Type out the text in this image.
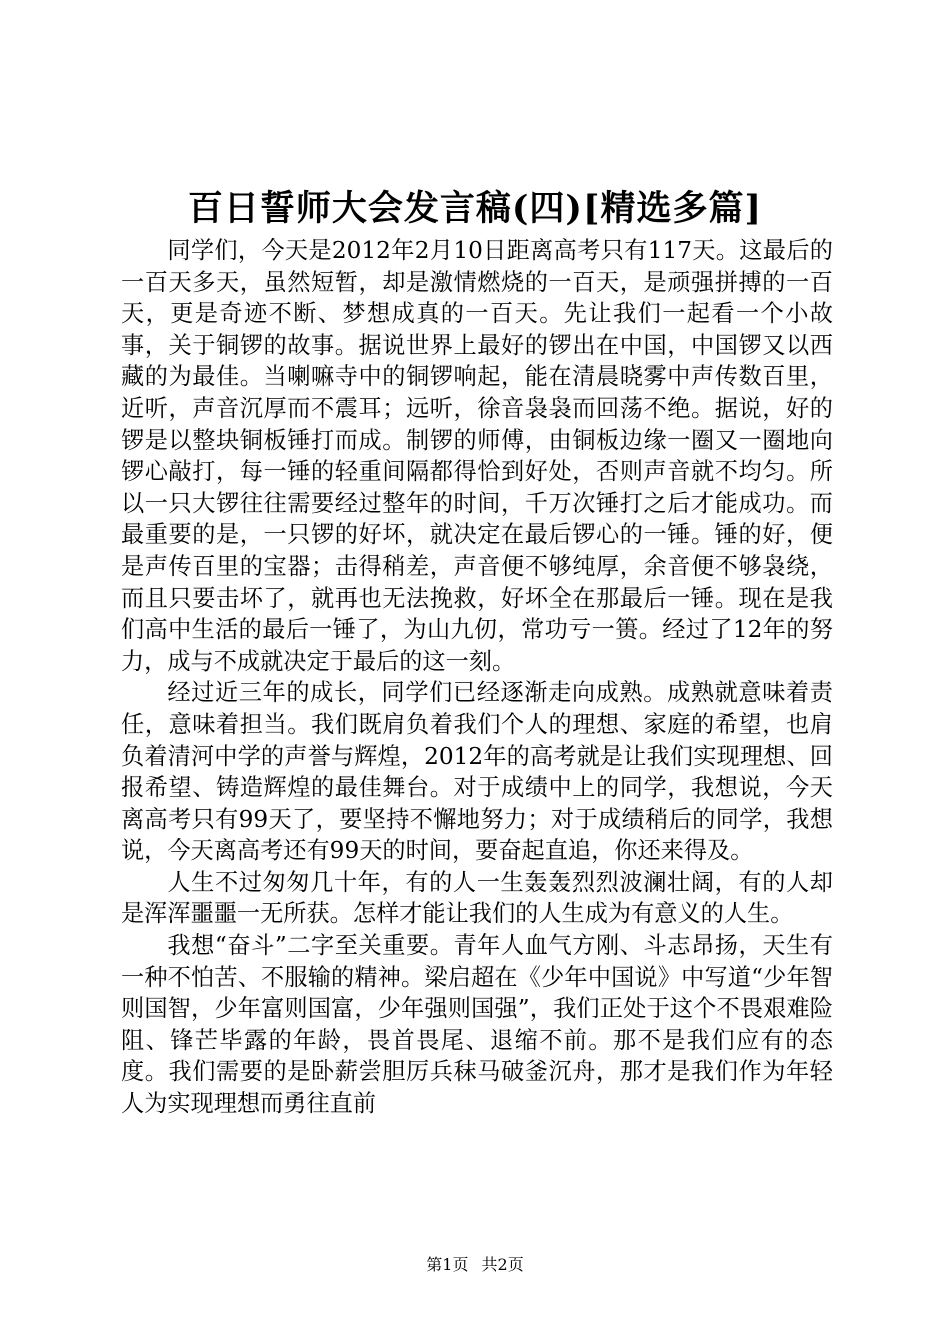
百日誓师大会发言稿(四)[精选多篇]

同学们，今天是2012年2月10日距离高考只有117天。这最后的一百天多天，虽然短暂，却是激情燃烧的一百天，是顽强拼搏的一百天，更是奇迹不断、梦想成真的一百天。先让我们一起看一个小故事，关于铜锣的故事。据说世界上最好的锣出在中国，中国锣又以西藏的为最佳。当喇嘛寺中的铜锣响起，能在清晨晓雾中声传数百里，近听，声音沉厚而不震耳；远听，徐音袅袅而回荡不绝。据说，好的锣是以整块铜板锤打而成。制锣的师傅，由铜板边缘一圈又一圈地向锣心敲打，每一锤的轻重间隔都得恰到好处，否则声音就不均匀。所以一只大锣往往需要经过整年的时间，千万次锤打之后才能成功。而最重要的是，一只锣的好坏，就决定在最后锣心的一锤。锤的好，便是声传百里的宝器；击得稍差，声音便不够纯厚，余音便不够袅绕，而且只要击坏了，就再也无法挽救，好坏全在那最后一锤。现在是我们高中生活的最后一锤了，为山九仞，常功亏一篑。经过了12年的努力，成与不成就决定于最后的这一刻。

经过近三年的成长，同学们已经逐渐走向成熟。成熟就意味着责任，意味着担当。我们既肩负着我们个人的理想、家庭的希望，也肩负着清河中学的声誉与辉煌，2012年的高考就是让我们实现理想、回报希望、铸造辉煌的最佳舞台。对于成绩中上的同学，我想说，今天离高考只有99天了，要坚持不懈地努力；对于成绩稍后的同学，我想说，今天离高考还有99天的时间，要奋起直追，你还来得及。

人生不过匆匆几十年，有的人一生轰轰烈烈波澜壮阔，有的人却是浑浑噩噩一无所获。怎样才能让我们的人生成为有意义的人生。

我想“奋斗”二字至关重要。青年人血气方刚、斗志昂扬，天生有一种不怕苦、不服输的精神。梁启超在《少年中国说》中写道“少年智则国智，少年富则国富，少年强则国强”，我们正处于这个不畏艰难险阻、锋芒毕露的年龄，畏首畏尾、退缩不前。那不是我们应有的态度。我们需要的是卧薪尝胆厉兵秣马破釜沉舟，那才是我们作为年轻人为实现理想而勇往直前

第1页 共2页
